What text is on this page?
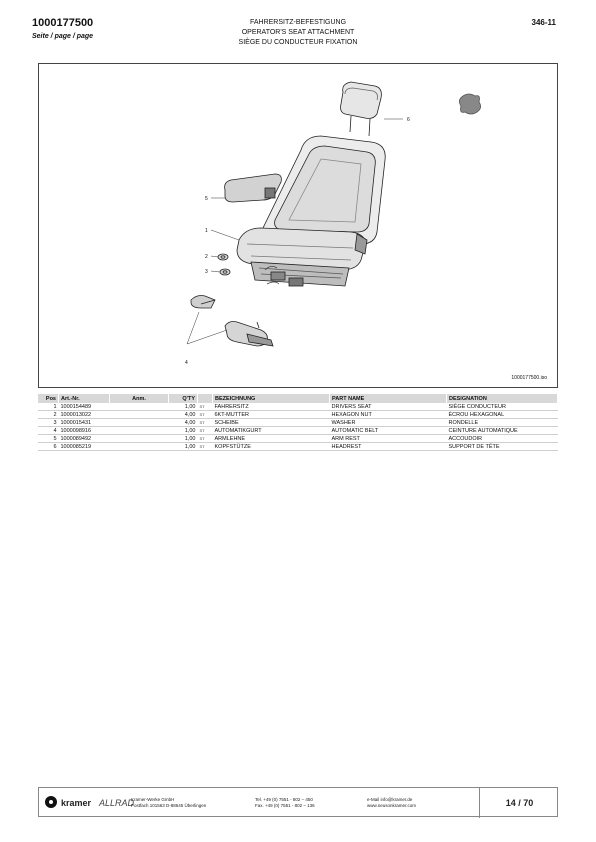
1000177500
Seite / page / page
FAHRERSITZ-BEFESTIGUNG
OPERATOR'S SEAT ATTACHMENT
SIÈGE DU CONDUCTEUR FIXATION
346-11
6
5
1
2
3
4
1000177500.iso
Pos	Art.-Nr.	Anm.	Q'TY		BEZEICHNUNG	PART NAME	DESIGNATION
1	1000154489		1,00	ST	FAHRERSITZ	DRIVERS SEAT	SIÈGE CONDUCTEUR
2	1000013022		4,00	ST	6KT-MUTTER	HEXAGON NUT	ÉCROU HEXAGONAL
3	1000015431		4,00	ST	SCHEIBE	WASHER	RONDELLE
4	1000098916		1,00	ST	AUTOMATIKGURT	AUTOMATIC BELT	CEINTURE AUTOMATIQUE
5	1000089492		1,00	ST	ARMLEHNE	ARM REST	ACCOUDOIR
6	1000085219		1,00	ST	KOPFSTÜTZE	HEADREST	SUPPORT DE TÊTE
kramer ALLRAD
Kramer-Werke GmbH
Postfach 101563 D-88645 Überlingen
Tel. +49 (0) 7551 - 802 – 450
Fax. +49 (0) 7551 - 802 – 136
e-Mail info@kramer.de
www.neusonkramer.com	14 / 70
